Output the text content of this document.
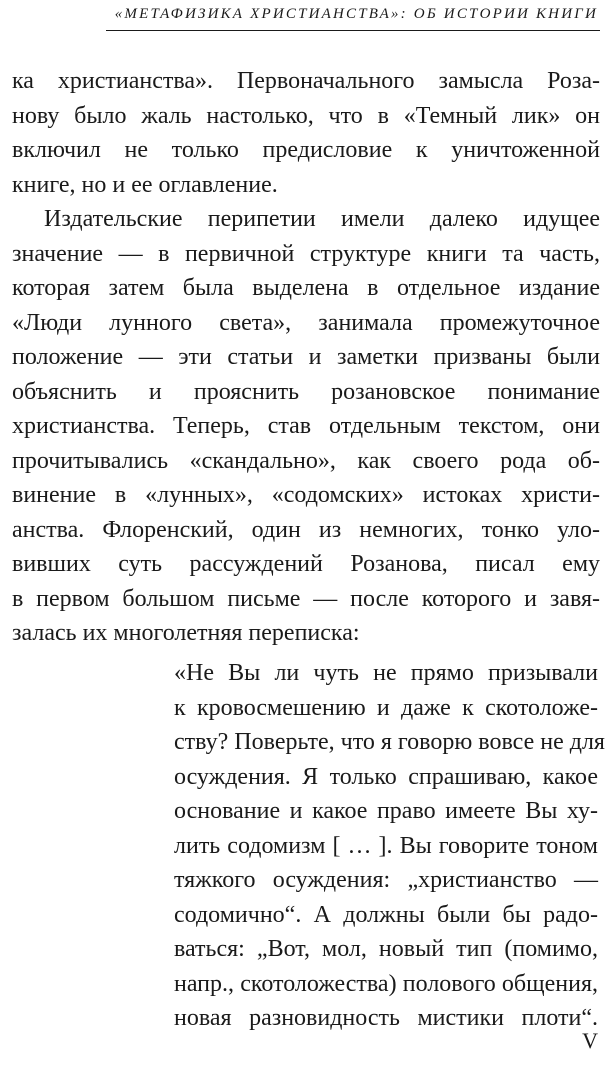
«МЕТАФИЗИКА ХРИСТИАНСТВА»: ОБ ИСТОРИИ КНИГИ
ка христианства». Первоначального замысла Роза-
нову было жаль настолько, что в «Темный лик» он
включил не только предисловие к уничтоженной
книге, но и ее оглавление.
Издательские перипетии имели далеко идущее
значение — в первичной структуре книги та часть,
которая затем была выделена в отдельное издание
«Люди лунного света», занимала промежуточное
положение — эти статьи и заметки призваны были
объяснить и прояснить розановское понимание
христианства. Теперь, став отдельным текстом, они
прочитывались «скандально», как своего рода об-
винение в «лунных», «содомских» истоках христи-
анства. Флоренский, один из немногих, тонко уло-
вивших суть рассуждений Розанова, писал ему
в первом большом письме — после которого и завя-
залась их многолетняя переписка:
«Не Вы ли чуть не прямо призывали
к кровосмешению и даже к скотоложе-
ству? Поверьте, что я говорю вовсе не для
осуждения. Я только спрашиваю, какое
основание и какое право имеете Вы ху-
лить содомизм [ … ]. Вы говорите тоном
тяжкого осуждения: „христианство —
содомично“. А должны были бы радо-
ваться: „Вот, мол, новый тип (помимо,
напр., скотоложества) полового общения,
новая разновидность мистики плоти“.
V
